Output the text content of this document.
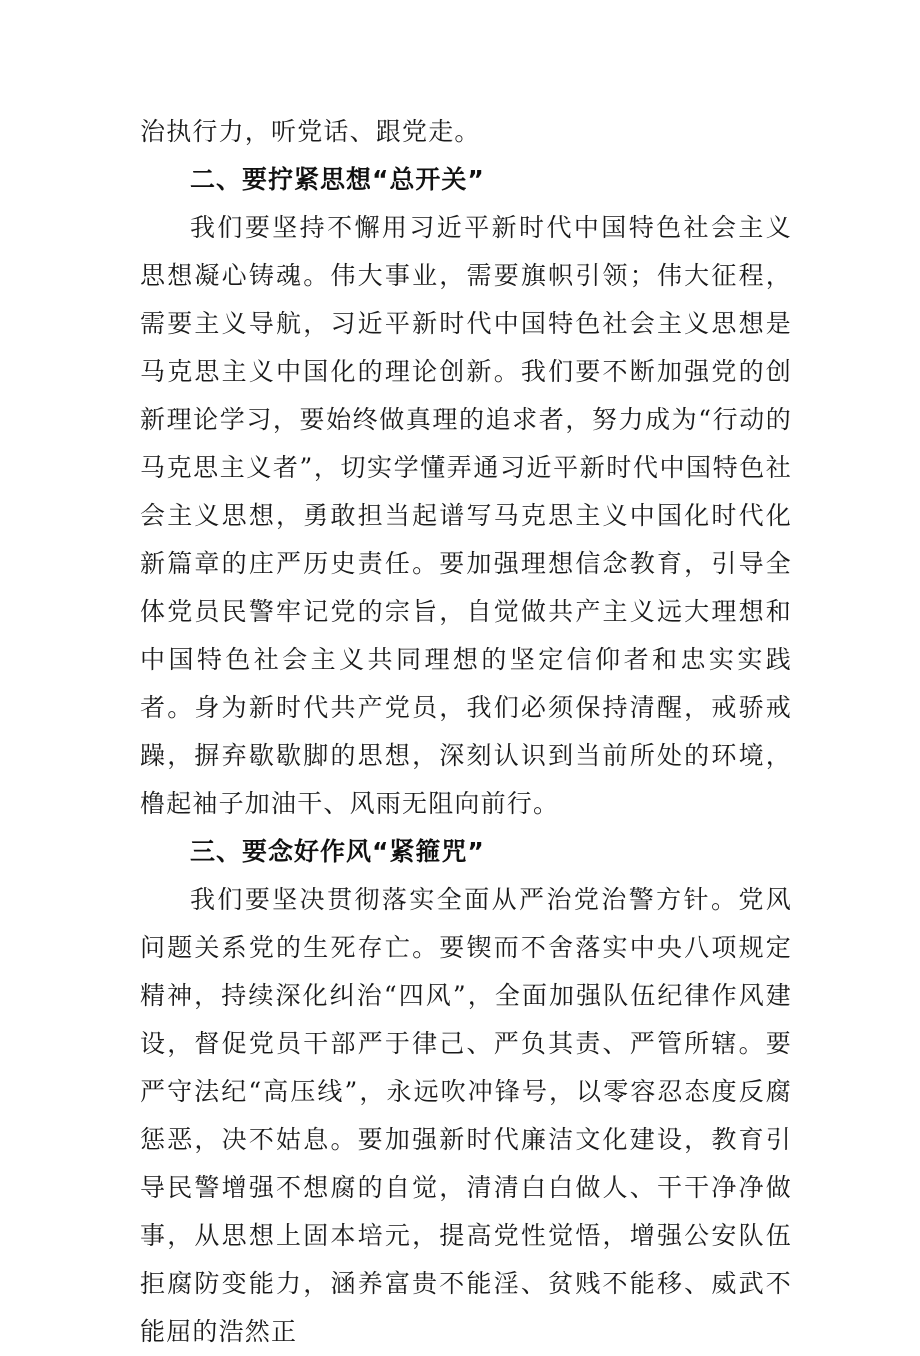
治执行力，听党话、跟党走。

二、要拧紧思想“总开关”

我们要坚持不懈用习近平新时代中国特色社会主义思想凝心铸魂。伟大事业，需要旗帜引领；伟大征程，需要主义导航，习近平新时代中国特色社会主义思想是马克思主义中国化的理论创新。我们要不断加强党的创新理论学习，要始终做真理的追求者，努力成为“行动的马克思主义者”，切实学懂弄通习近平新时代中国特色社会主义思想，勇敢担当起谱写马克思主义中国化时代化新篇章的庄严历史责任。要加强理想信念教育，引导全体党员民警牢记党的宗旨，自觉做共产主义远大理想和中国特色社会主义共同理想的坚定信仰者和忠实实践者。身为新时代共产党员，我们必须保持清醒，戒骄戒躁，摒弃歇歇脚的思想，深刻认识到当前所处的环境，橹起袖子加油干、风雨无阻向前行。

三、要念好作风“紧箍咒”

我们要坚决贯彻落实全面从严治党治警方针。党风问题关系党的生死存亡。要锲而不舍落实中央八项规定精神，持续深化纠治“四风”，全面加强队伍纪律作风建设，督促党员干部严于律己、严负其责、严管所辖。要严守法纪“高压线”，永远吹冲锋号，以零容忍态度反腐惩恶，决不姑息。要加强新时代廉洁文化建设，教育引导民警增强不想腐的自觉，清清白白做人、干干净净做事，从思想上固本培元，提高党性觉悟，增强公安队伍拒腐防变能力，涵养富贵不能淫、贫贱不能移、威武不能屈的浩然正
